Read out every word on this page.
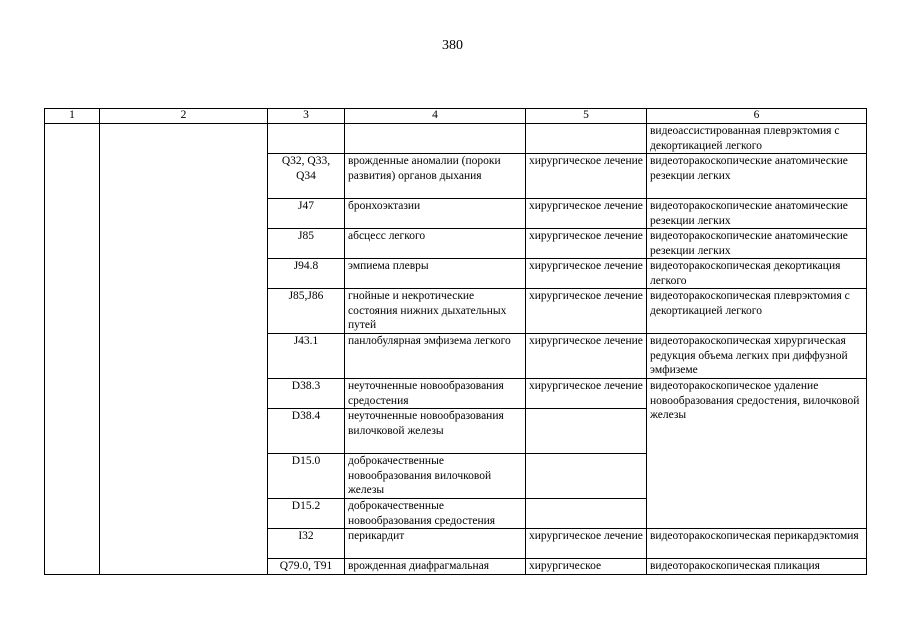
380
1	2	3	4	5	6
					видеоассистированная плеврэктомия с декортикацией легкого
		Q32, Q33, Q34	врожденные аномалии (пороки развития) органов дыхания	хирургическое лечение	видеоторакоскопические анатомические резекции легких
		J47	бронхоэктазии	хирургическое лечение	видеоторакоскопические анатомические резекции легких
		J85	абсцесс легкого	хирургическое лечение	видеоторакоскопические анатомические резекции легких
		J94.8	эмпиема плевры	хирургическое лечение	видеоторакоскопическая декортикация легкого
		J85,J86	гнойные и некротические состояния нижних дыхательных путей	хирургическое лечение	видеоторакоскопическая плеврэктомия с декортикацией легкого
		J43.1	панлобулярная эмфизема легкого	хирургическое лечение	видеоторакоскопическая хирургическая редукция объема легких при диффузной эмфиземе
		D38.3	неуточненные новообразования средостения	хирургическое лечение	видеоторакоскопическое удаление новообразования средостения, вилочковой железы
		D38.4	неуточненные новообразования вилочковой железы		
		D15.0	доброкачественные новообразования вилочковой железы		
		D15.2	доброкачественные новообразования средостения		
		I32	перикардит	хирургическое лечение	видеоторакоскопическая перикардэктомия
		Q79.0, T91	врожденная диафрагмальная	хирургическое	видеоторакоскопическая пликация
